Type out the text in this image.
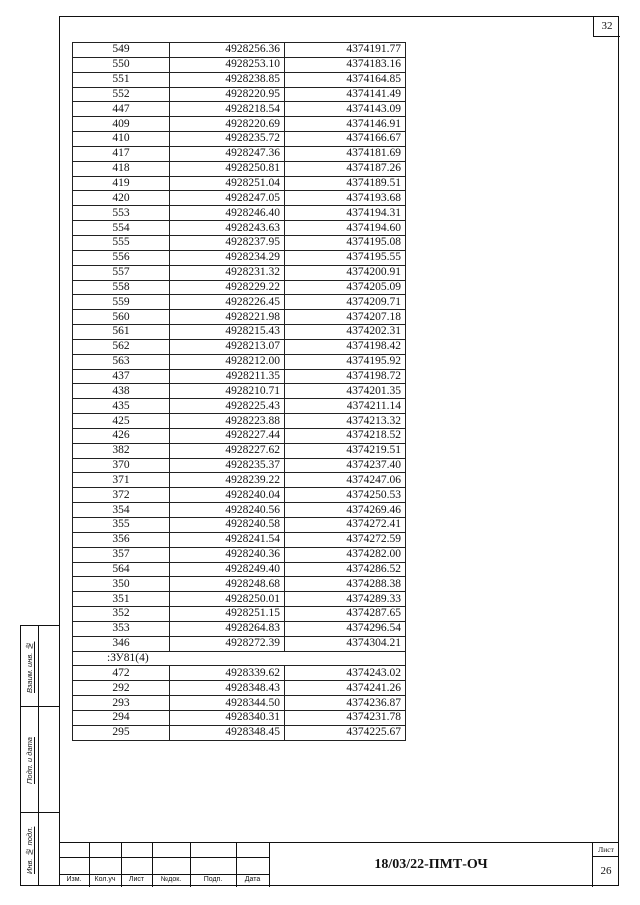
32
Взаим. инв. №
Подп. и дата
Инв. № подл.
549	4928256.36	4374191.77
550	4928253.10	4374183.16
551	4928238.85	4374164.85
552	4928220.95	4374141.49
447	4928218.54	4374143.09
409	4928220.69	4374146.91
410	4928235.72	4374166.67
417	4928247.36	4374181.69
418	4928250.81	4374187.26
419	4928251.04	4374189.51
420	4928247.05	4374193.68
553	4928246.40	4374194.31
554	4928243.63	4374194.60
555	4928237.95	4374195.08
556	4928234.29	4374195.55
557	4928231.32	4374200.91
558	4928229.22	4374205.09
559	4928226.45	4374209.71
560	4928221.98	4374207.18
561	4928215.43	4374202.31
562	4928213.07	4374198.42
563	4928212.00	4374195.92
437	4928211.35	4374198.72
438	4928210.71	4374201.35
435	4928225.43	4374211.14
425	4928223.88	4374213.32
426	4928227.44	4374218.52
382	4928227.62	4374219.51
370	4928235.37	4374237.40
371	4928239.22	4374247.06
372	4928240.04	4374250.53
354	4928240.56	4374269.46
355	4928240.58	4374272.41
356	4928241.54	4374272.59
357	4928240.36	4374282.00
564	4928249.40	4374286.52
350	4928248.68	4374288.38
351	4928250.01	4374289.33
352	4928251.15	4374287.65
353	4928264.83	4374296.54
346	4928272.39	4374304.21
:ЗУ81(4)		
472	4928339.62	4374243.02
292	4928348.43	4374241.26
293	4928344.50	4374236.87
294	4928340.31	4374231.78
295	4928348.45	4374225.67
Изм.	Кол.уч	Лист	№док.	Подп.	Дата
18/03/22-ПМТ-ОЧ
Лист
26
